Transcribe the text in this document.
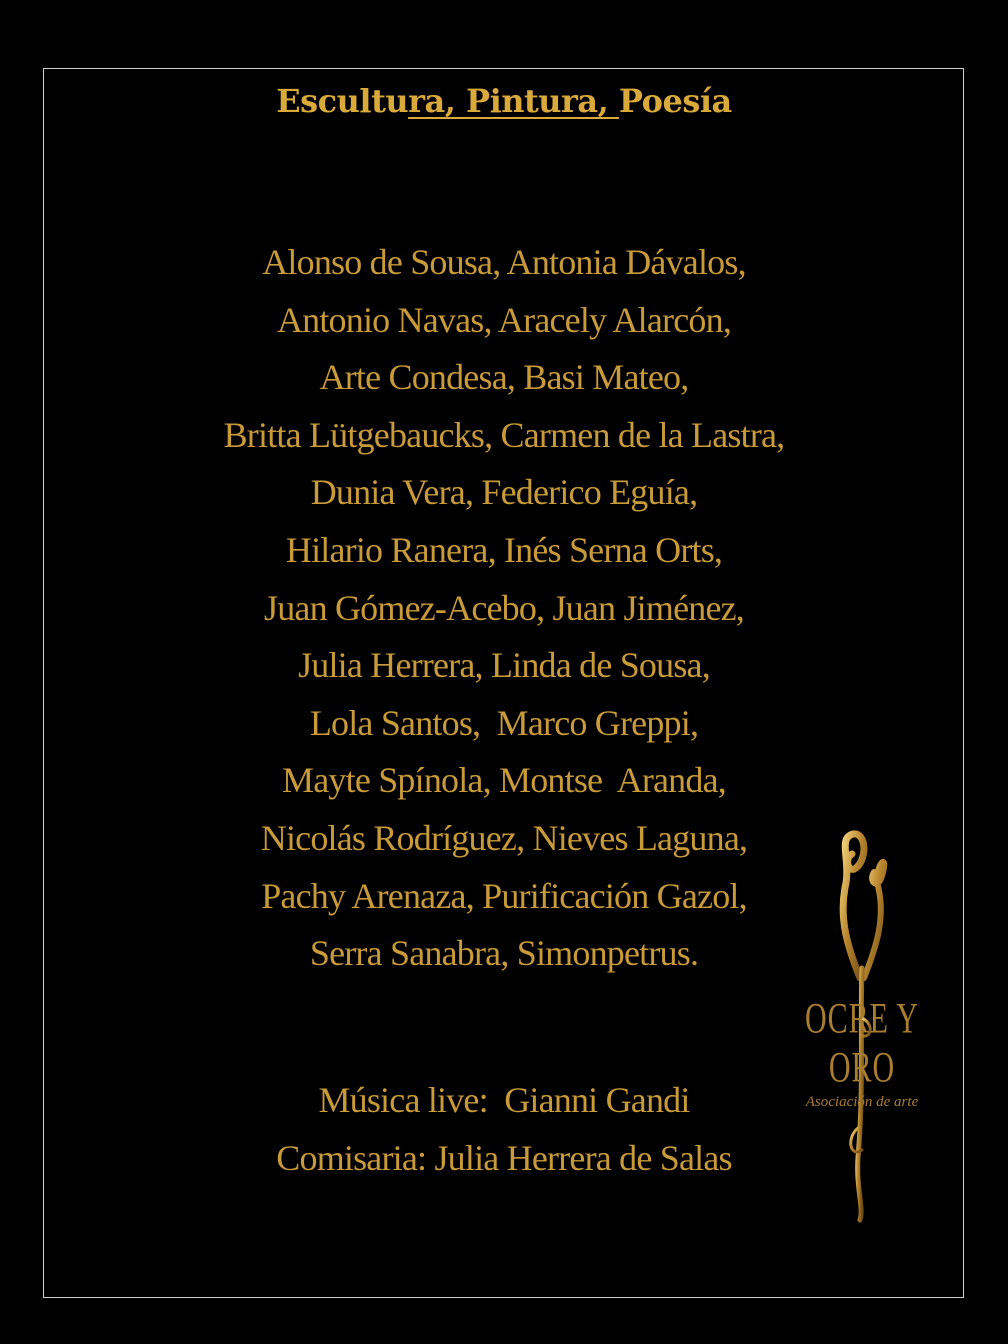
Escultura, Pintura, Poesía
Alonso de Sousa, Antonia Dávalos,
Antonio Navas, Aracely Alarcón,
Arte Condesa, Basi Mateo,
Britta Lütgebaucks, Carmen de la Lastra,
Dunia Vera, Federico Eguía,
Hilario Ranera, Inés Serna Orts,
Juan Gómez-Acebo, Juan Jiménez,
Julia Herrera, Linda de Sousa,
Lola Santos,  Marco Greppi,
Mayte Spínola, Montse  Aranda,
Nicolás Rodríguez, Nieves Laguna,
Pachy Arenaza, Purificación Gazol,
Serra Sanabra, Simonpetrus.
Música live:  Gianni Gandi
Comisaria: Julia Herrera de Salas
OCRE Y ORO
Asociación de arte
